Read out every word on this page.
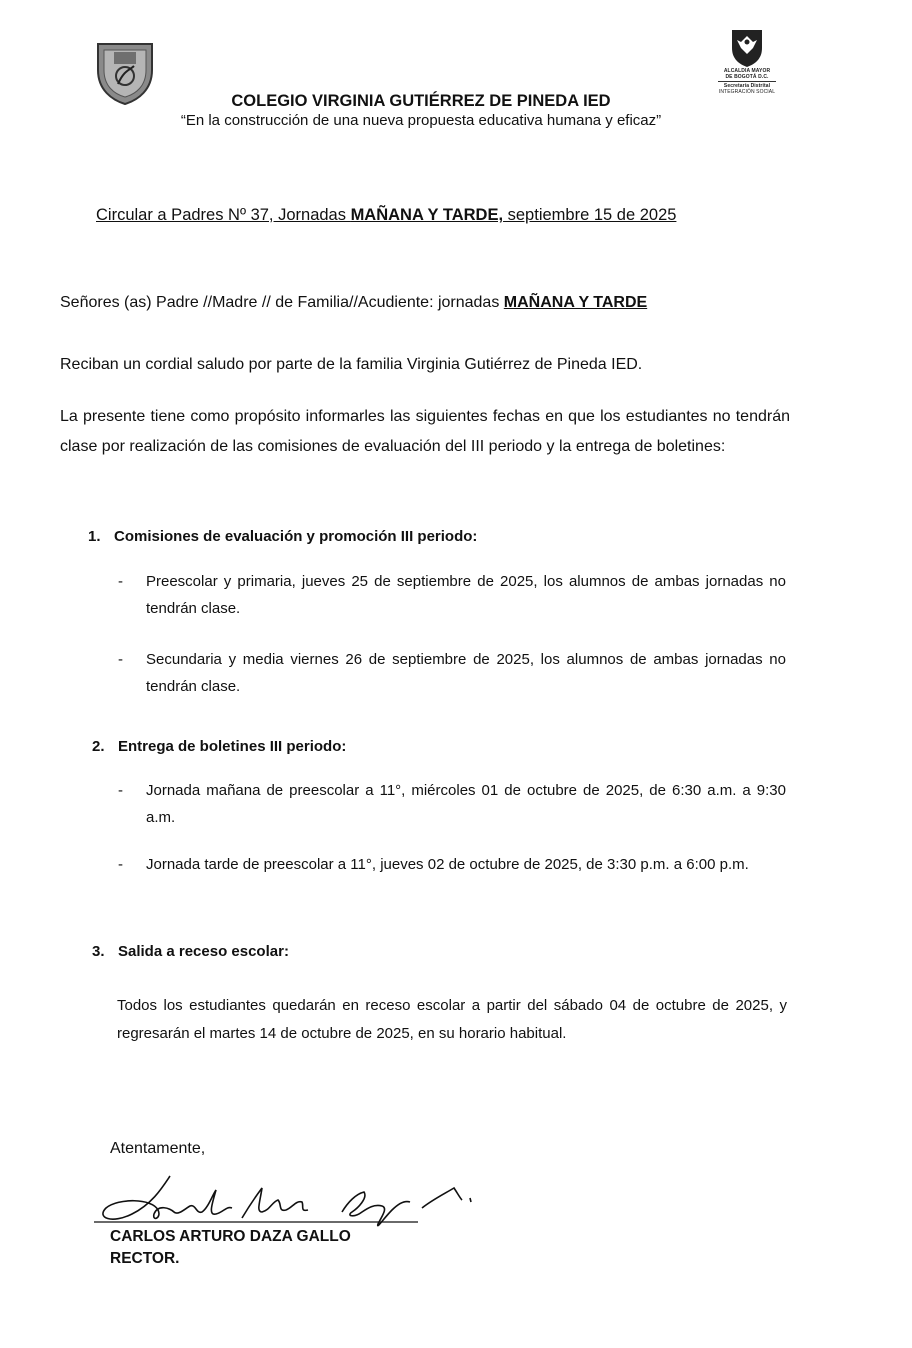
ALCALDIA MAYOR
DE BOGOTÁ D.C.
Secretaría Distrital
INTEGRACIÓN SOCIAL
COLEGIO VIRGINIA GUTIÉRREZ DE PINEDA IED
“En la construcción de una nueva propuesta educativa humana y eficaz”
Circular a Padres Nº 37, Jornadas MAÑANA Y TARDE, septiembre 15 de 2025
Señores (as) Padre //Madre // de Familia//Acudiente: jornadas MAÑANA Y TARDE
Reciban un cordial saludo por parte de la familia Virginia Gutiérrez de Pineda IED.
La presente tiene como propósito informarles las siguientes fechas en que los estudiantes no tendrán clase por realización de las comisiones de evaluación del III periodo y la entrega de boletines:
1. Comisiones de evaluación y promoción III periodo:
- Preescolar y primaria, jueves 25 de septiembre de 2025, los alumnos de ambas jornadas no tendrán clase.
- Secundaria y media viernes 26 de septiembre de 2025, los alumnos de ambas jornadas no tendrán clase.
2. Entrega de boletines III periodo:
- Jornada mañana de preescolar a 11°, miércoles 01 de octubre de 2025, de 6:30 a.m. a 9:30 a.m.
- Jornada tarde de preescolar a 11°, jueves 02 de octubre de 2025, de 3:30 p.m. a 6:00 p.m.
3. Salida a receso escolar:
Todos los estudiantes quedarán en receso escolar a partir del sábado 04 de octubre de 2025, y regresarán el martes 14 de octubre de 2025, en su horario habitual.
Atentamente,
CARLOS ARTURO DAZA GALLO
RECTOR.
